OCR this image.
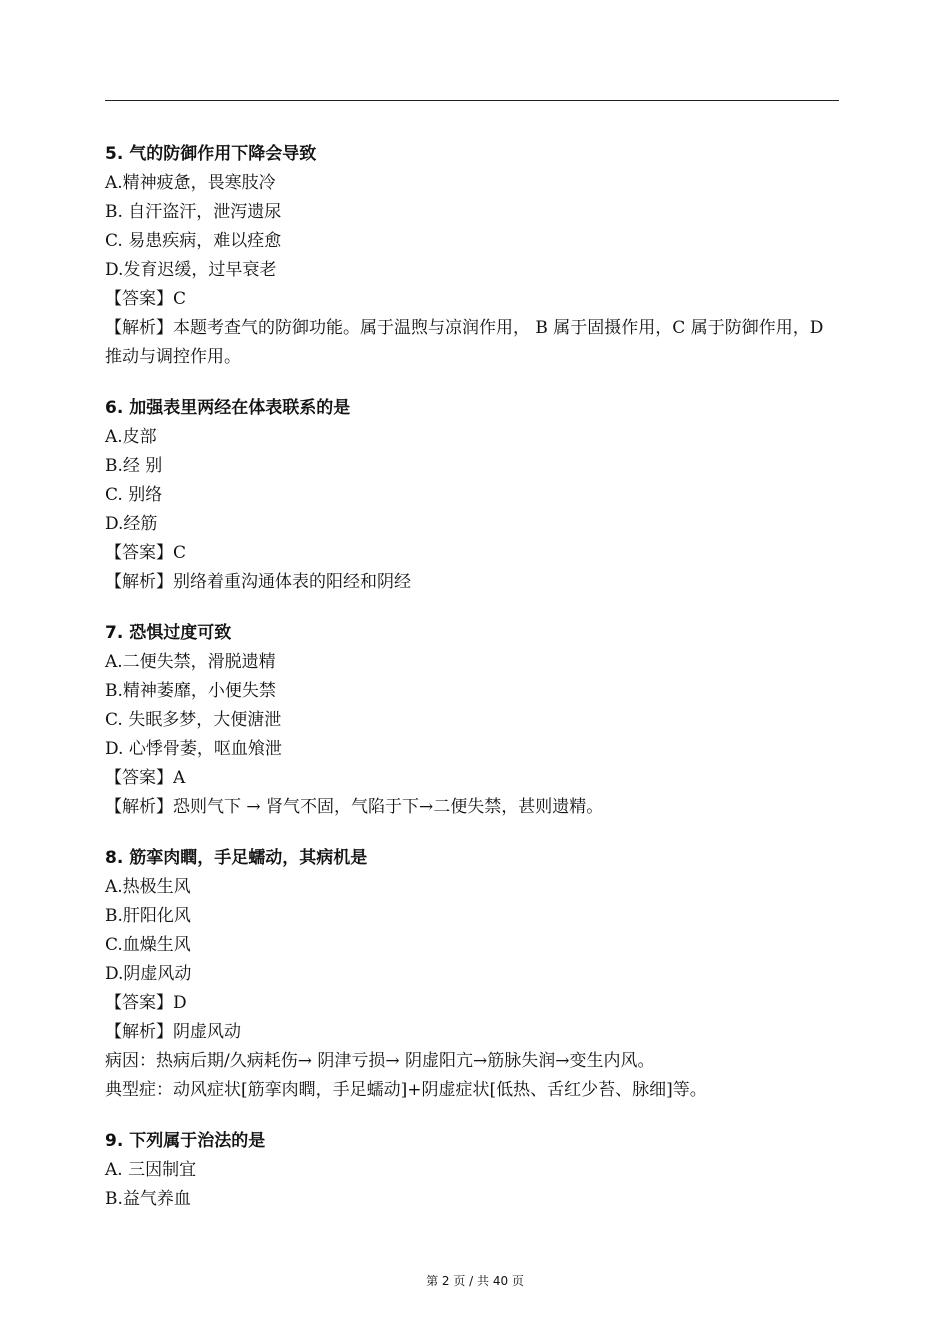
5. 气的防御作用下降会导致
A.精神疲惫，畏寒肢冷
B. 自汗盗汗，泄泻遗尿
C. 易患疾病，难以痊愈
D.发育迟缓，过早衰老
【答案】C
【解析】本题考查气的防御功能。属于温煦与凉润作用， B 属于固摄作用，C 属于防御作用，D 推动与调控作用。
6. 加强表里两经在体表联系的是
A.皮部
B.经 别
C. 别络
D.经筋
【答案】C
【解析】别络着重沟通体表的阳经和阴经
7. 恐惧过度可致
A.二便失禁，滑脱遗精
B.精神萎靡，小便失禁
C. 失眠多梦，大便溏泄
D. 心悸骨萎，呕血飧泄
【答案】A
【解析】恐则气下 → 肾气不固，气陷于下→二便失禁，甚则遗精。
8. 筋挛肉瞤，手足蠕动，其病机是
A.热极生风
B.肝阳化风
C.血燥生风
D.阴虚风动
【答案】D
【解析】阴虚风动
病因：热病后期/久病耗伤→ 阴津亏损→ 阴虚阳亢→筋脉失润→变生内风。
典型症：动风症状[筋挛肉瞤，手足蠕动]+阴虚症状[低热、舌红少苔、脉细]等。
9. 下列属于治法的是
A. 三因制宜
B.益气养血
第 2 页 / 共 40 页
